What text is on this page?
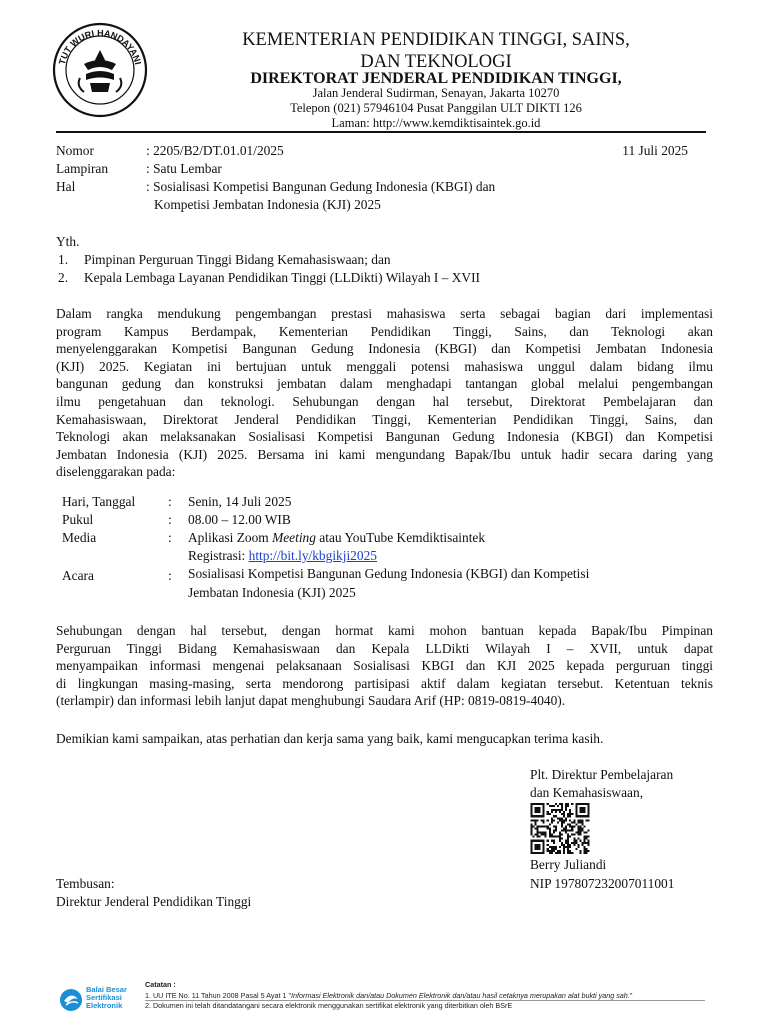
TUT WURI HANDAYANI
KEMENTERIAN PENDIDIKAN TINGGI, SAINS,
DAN TEKNOLOGI
DIREKTORAT JENDERAL PENDIDIKAN TINGGI,
Jalan Jenderal Sudirman, Senayan, Jakarta 10270
Telepon (021) 57946104 Pusat Panggilan ULT DIKTI 126
Laman: http://www.kemdiktisaintek.go.id
Nomor	: 2205/B2/DT.01.01/2025	11 Juli 2025
Lampiran	: Satu Lembar
Hal	: Sosialisasi Kompetisi Bangunan Gedung Indonesia (KBGI) dan
Kompetisi Jembatan Indonesia (KJI) 2025
Yth.
1. Pimpinan Perguruan Tinggi Bidang Kemahasiswaan; dan
2. Kepala Lembaga Layanan Pendidikan Tinggi (LLDikti) Wilayah I – XVII
Dalam rangka mendukung pengembangan prestasi mahasiswa serta sebagai bagian dari implementasi
program Kampus Berdampak, Kementerian Pendidikan Tinggi, Sains, dan Teknologi akan
menyelenggarakan Kompetisi Bangunan Gedung Indonesia (KBGI) dan Kompetisi Jembatan Indonesia
(KJI) 2025. Kegiatan ini bertujuan untuk menggali potensi mahasiswa unggul dalam bidang ilmu
bangunan gedung dan konstruksi jembatan dalam menghadapi tantangan global melalui pengembangan
ilmu pengetahuan dan teknologi. Sehubungan dengan hal tersebut, Direktorat Pembelajaran dan
Kemahasiswaan, Direktorat Jenderal Pendidikan Tinggi, Kementerian Pendidikan Tinggi, Sains, dan
Teknologi akan melaksanakan Sosialisasi Kompetisi Bangunan Gedung Indonesia (KBGI) dan Kompetisi
Jembatan Indonesia (KJI) 2025. Bersama ini kami mengundang Bapak/Ibu untuk hadir secara daring yang
diselenggarakan pada:
Hari, Tanggal : Senin, 14 Juli 2025
Pukul	: 08.00 – 12.00 WIB
Media	: Aplikasi Zoom Meeting atau YouTube Kemdiktisaintek
Registrasi: http://bit.ly/kbgikji2025
Acara	: Sosialisasi Kompetisi Bangunan Gedung Indonesia (KBGI) dan Kompetisi
Jembatan Indonesia (KJI) 2025
Sehubungan dengan hal tersebut, dengan hormat kami mohon bantuan kepada Bapak/Ibu Pimpinan
Perguruan Tinggi Bidang Kemahasiswaan dan Kepala LLDikti Wilayah I – XVII, untuk dapat
menyampaikan informasi mengenai pelaksanaan Sosialisasi KBGI dan KJI 2025 kepada perguruan tinggi
di lingkungan masing-masing, serta mendorong partisipasi aktif dalam kegiatan tersebut. Ketentuan teknis
(terlampir) dan informasi lebih lanjut dapat menghubungi Saudara Arif (HP: 0819-0819-4040).
Demikian kami sampaikan, atas perhatian dan kerja sama yang baik, kami mengucapkan terima kasih.
Plt. Direktur Pembelajaran
dan Kemahasiswaan,
Berry Juliandi
NIP 197807232007011001
Tembusan:
Direktur Jenderal Pendidikan Tinggi
Balai Besar
Sertifikasi
Elektronik
Catatan :
1. UU ITE No. 11 Tahun 2008 Pasal 5 Ayat 1 "Informasi Elektronik dan/atau Dokumen Elektronik dan/atau hasil cetaknya merupakan alat bukti yang sah."
2. Dokumen ini telah ditandatangani secara elektronik menggunakan sertifikat elektronik yang diterbitkan oleh BSrE
